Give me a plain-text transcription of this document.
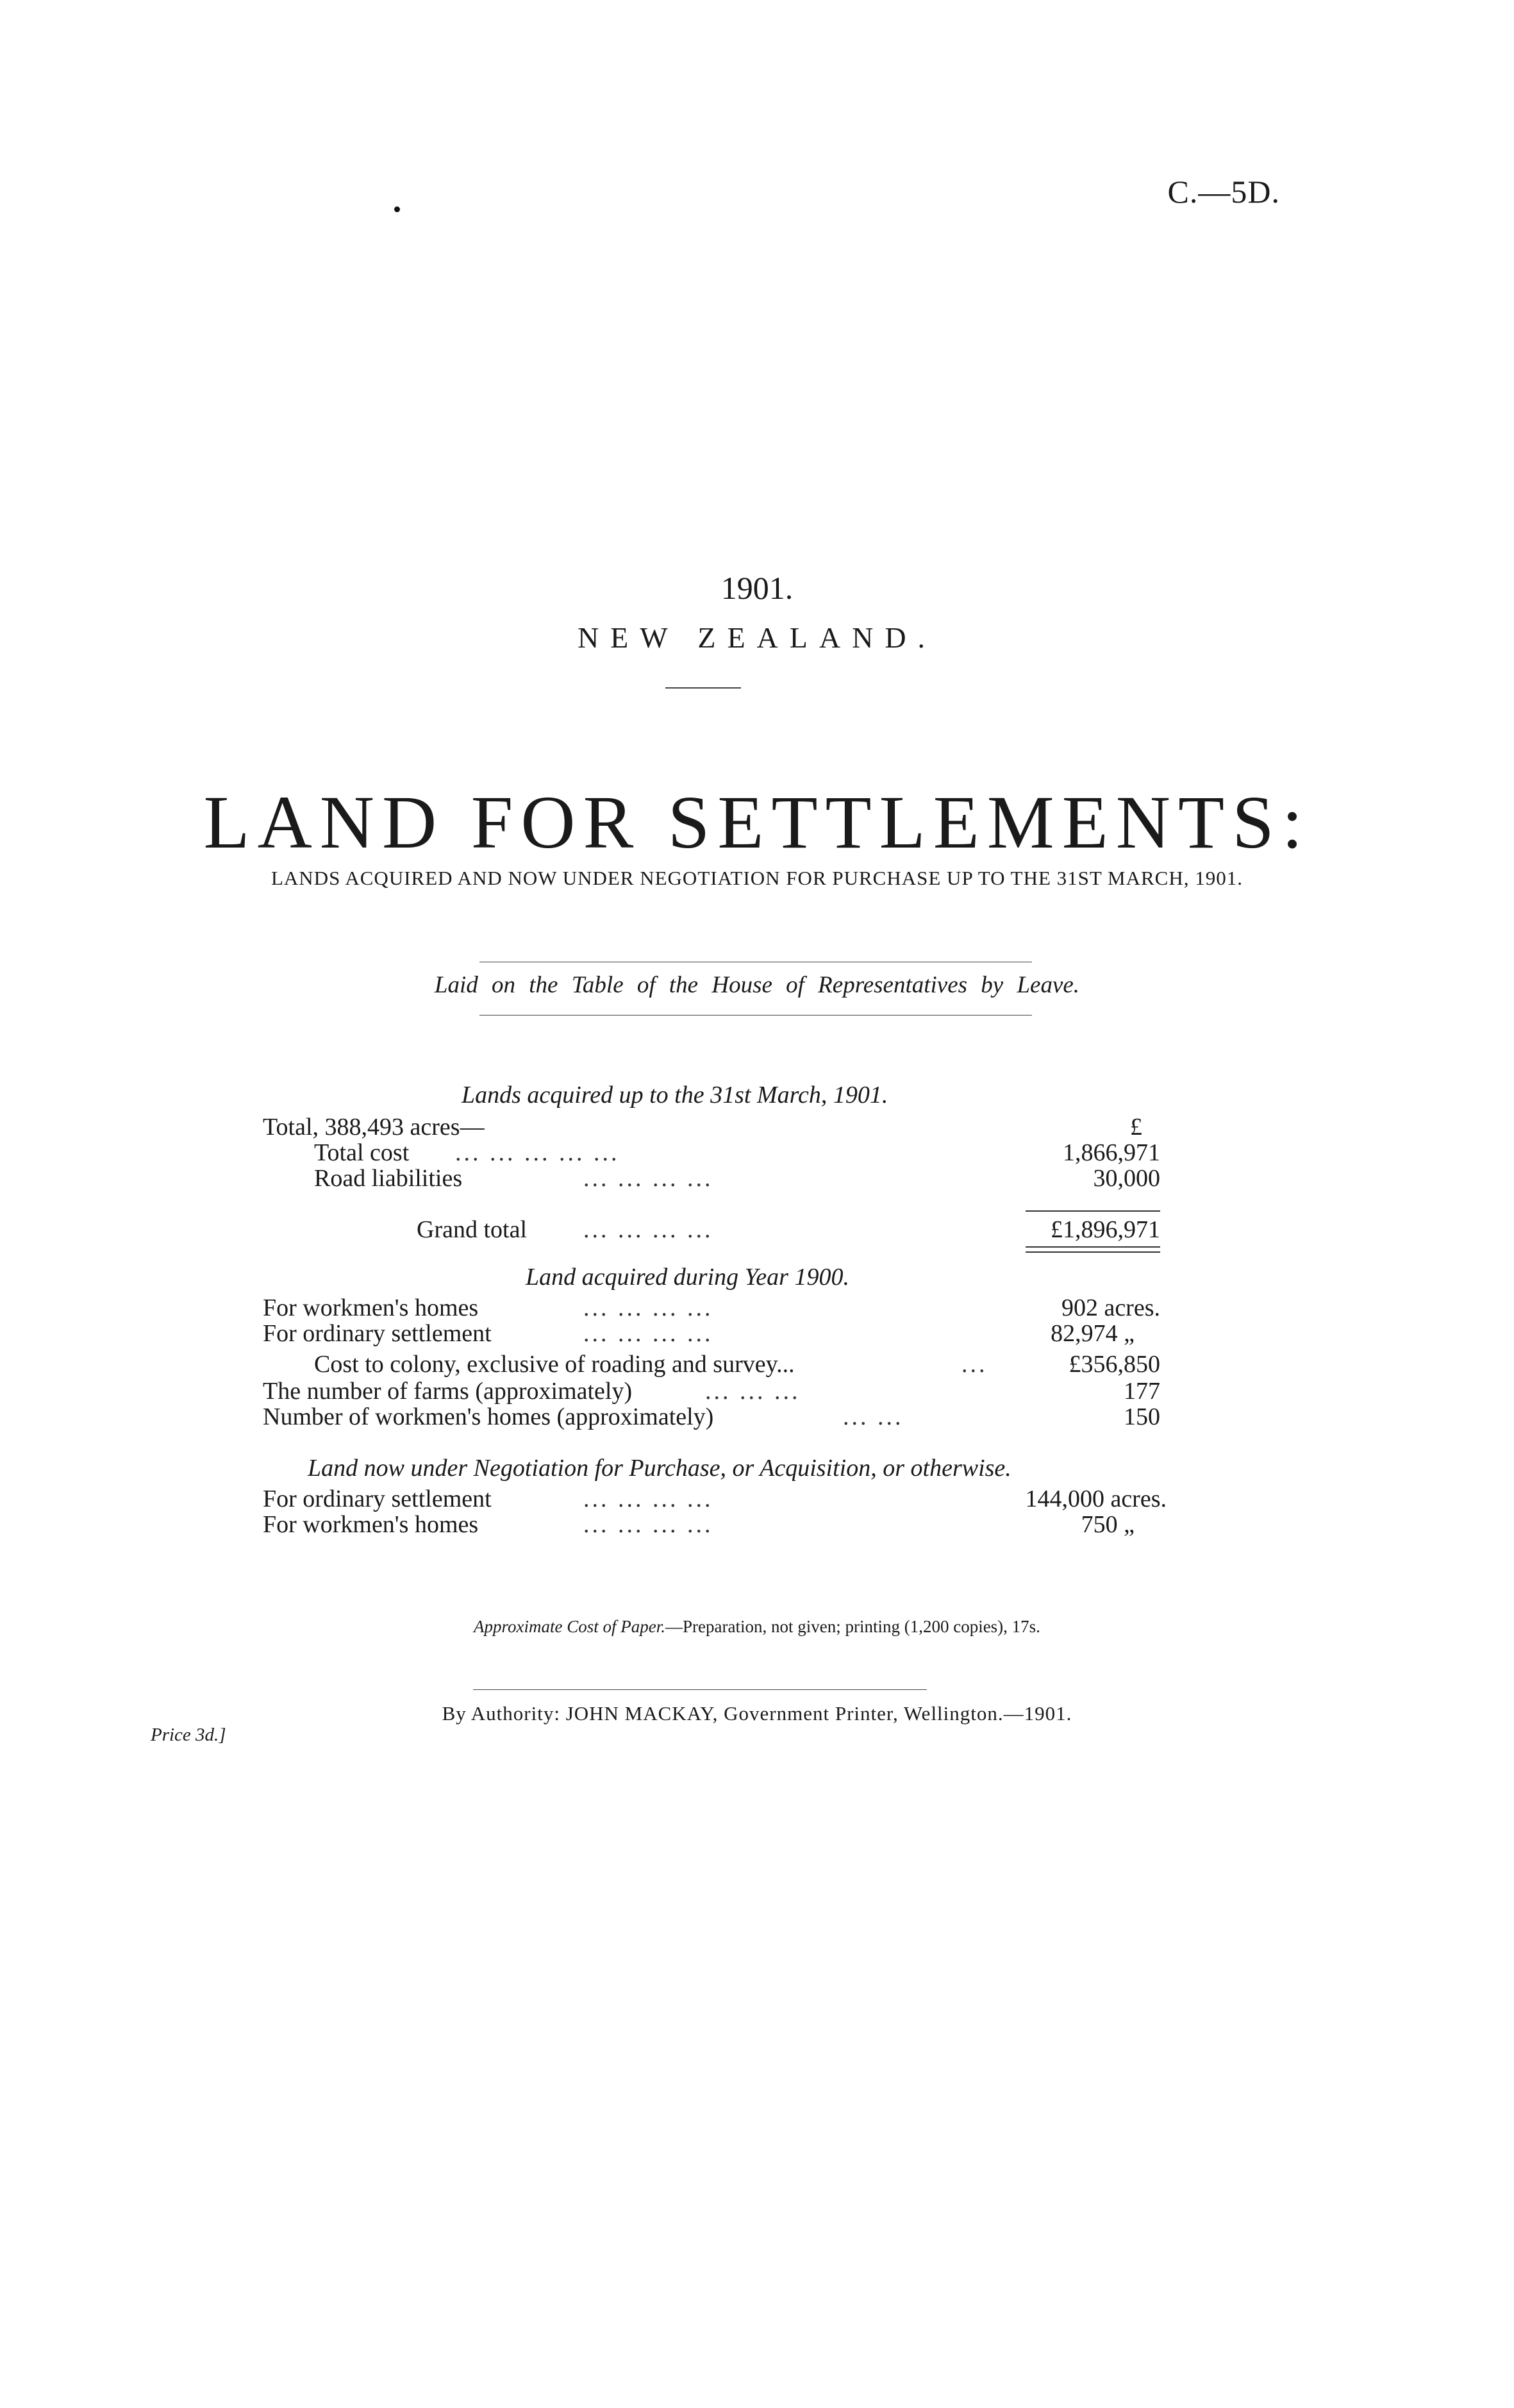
C.—5D.
1901.
NEW ZEALAND.
LAND FOR SETTLEMENTS:
LANDS ACQUIRED AND NOW UNDER NEGOTIATION FOR PURCHASE UP TO THE 31ST MARCH, 1901.
Laid on the Table of the House of Representatives by Leave.
Lands acquired up to the 31st March, 1901.
Total, 388,493 acres—	£
Total cost ... ... ... ... ...	1,866,971
Road liabilities	... ... ... ...	30,000
Grand total ... ... ... ...	£1,896,971
Land acquired during Year 1900.
For workmen's homes	... ... ... ...	902 acres.
For ordinary settlement	... ... ... ...	82,974 „
Cost to colony, exclusive of roading and survey...	...	£356,850
The number of farms (approximately)	... ... ...	177
Number of workmen's homes (approximately)	... ...	150
Land now under Negotiation for Purchase, or Acquisition, or otherwise.
For ordinary settlement	... ... ... ...	144,000 acres.
For workmen's homes	... ... ... ...	750 „
Approximate Cost of Paper.—Preparation, not given; printing (1,200 copies), 17s.
By Authority: JOHN MACKAY, Government Printer, Wellington.—1901.
Price 3d.]
